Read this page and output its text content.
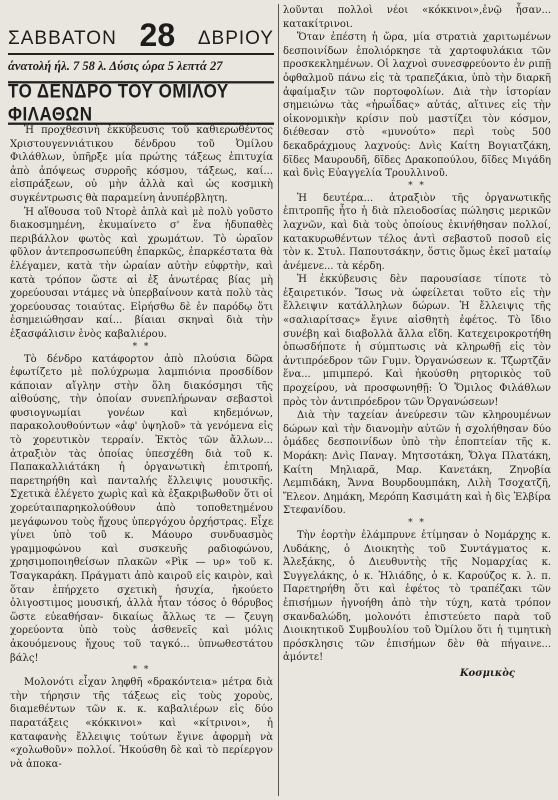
ΣΑΒΒΑΤΟΝ 28 ΔΒΡΙΟΥ
άνατολή ήλ. 7 58 λ. Δύσις ώρα 5 λεπτά 27
ΤΟ ΔΕΝΔΡΟ ΤΟΥ ΟΜΙΛΟΥ ΦΙΛΑΘΩΝ

Ἡ προχθεσινὴ ἐκκύβευσις τοῦ καθιερωθέντος Χριστουγεννιάτικου δένδρου τοῦ Ὀμίλου Φιλάθλων, ὑπῆρξε μία πρώτης τάξεως ἐπιτυχία ἀπὸ ἀπόψεως συρροῆς κόσμου, τάξεως, καί... εἰσπράξεων, οὐ μὴν ἀλλὰ καὶ ὡς κοσμικὴ συγκέντρωσις θὰ παραμείνη ἀνυπέρβλητη.

Ἡ αἴθουσα τοῦ Ντορὲ ἁπλὰ καὶ μὲ πολὺ γοῦστο διακοσμημένη, ἐκυμαίνετο σ' ἕνα ἡδυπαθὲς περιβάλλον φωτὸς καὶ χρωμάτων. Τὸ ὡραῖον φῦλον ἀντεπροσωπεύθη ἐπαρκῶς, ἐπαρκέστατα θὰ ἐλέγαμεν, κατὰ τὴν ὡραίαν αὐτὴν εὐφρτὴν, καὶ κατὰ τρόπον ὥστε αἱ ἐξ ἀνωτέρας βίας μὴ χορεύουσαι ντάμες νὰ ὑπερβαίνουν κατὰ πολὺ τὰς χορεύουσας τοιαύτας. Εἰρήσθω δὲ ἐν παρόδῳ ὅτι ἐσημειώθησαν καί... βίαιαι σκηναὶ διὰ τὴν ἐξασφάλισιν ἑνὸς καβαλιέρου.

* *

Τὸ δένδρο κατάφορτον ἀπὸ πλούσια δῶρα ἐφωτίζετο μὲ πολύχρωμα λαμπιόνια προσδίδον κάποιαν αἴγλην στὴν ὅλη διακόσμησι τῆς αἰθούσης, τὴν ὁποίαν συνεπλήρωναν σεβαστοὶ φυσιογνωμίαι γονέων καὶ κηδεμόνων, παρακολουθούντων «ἀφ' ὑψηλοῦ» τὰ γενόμενα εἰς τὸ χορευτικὸν τερραίν. Ἐκτὸς τῶν ἄλλων... ἀτραξιὸν τὰς ὁποίας ὑπεσχέθη διὰ τοῦ κ. Παπακαλλιάτάκη ἡ ὀργανωτικὴ ἐπιτροπή, παρετηρήθη καὶ πανταλής ἔλλειψις μουσικῆς. Σχετικὰ ἐλέγετο χωρὶς καὶ κὰ ἐξακριβωθοῦν ὅτι οἱ χορεύταιπαρηκολούθουν ἀπὸ τοποθετημένου μεγάφωνου τοὺς ἤχους ὑπεργόχου ὀρχήστρας. Εἶχε γίνει ὑπὸ τοῦ κ. Μάουρο συνδυασμὸς γραμμοφώνου καὶ συσκευῆς ραδιοφώνου, χρησιμοποιηθείσων πλακῶν «Ρὶκ — υρ» τοῦ κ. Τσαγκαράκη. Πράγματι ἀπὸ καιροῦ εἰς καιρὸν, καὶ ὅταν ἐπήρχετο σχετικὴ ἡσυχία, ἠκούετο ὀλιγοστιμος μουσική, ἀλλὰ ἦταν τόσος ὁ θόρυβος ὥστε εὐεαθήσαν- δικαίως ἄλλως τε — ζευγη χορεύοντα ὑπὸ τοὺς ἀσθενεῖς καὶ μόλις ἀκουόμενους ἤχους τοῦ ταγκό... ὑπνωθεστάτου βάλς!

* *

Μολονότι εἶχαν ληφθῆ «δρακόντεια» μέτρα διὰ τὴν τήρησιν τῆς τάξεως εἰς τοὺς χοροὺς, διαμεθέντων τῶν κ. κ. καβαλιέρων εἰς δύο παρατάξεις «κόκκινοι» καὶ «κίτρινοι», ἡ καταφανὴς ἔλλειψις τούτων ἔγινε ἀφορμὴ νὰ «χολωθοῦν» πολλοί. Ἠκούσθη δὲ καὶ τὸ περίεργον νὰ ἀποκα-

λοῦνται πολλοὶ νέοι «κόκκινοι»,ἐνῷ ἦσαν... κατακίτρινοι.

Ὅταν ἐπέστη ἡ ὥρα, μία στρατιὰ χαριτωμένων δεσποινίδων ἐπολιόρκησε τὰ χαρτοφυλάκια τῶν προσκεκλημένων. Οἱ λαχνοὶ συνεσφρεύοντο ἐν ριπῇ ὀφθαλμοῦ πάνω εἰς τὰ τραπεζάκια, ὑπὸ τὴν διαρκῆ ἀφαίμαξιν τῶν πορτοφολίων. Διὰ τὴν ἱστορίαν σημειώνω τὰς «ἡρωΐδας» αὐτάς, αἵτινες εἰς τὴν οἰκονομικὴν κρίσιν ποὺ μαστίζει τὸν κόσμον, διέθεσαν στὸ «μυνούτο» περὶ τοὺς 500 δεκαδράχμους λαχνούς: Δνὶς Καίτη Βογιατζάκη, δῖδες Μαυρουδῆ, δῖδες Δρακοπούλου, δῖδες Μιγάδη καὶ δνὶς Εὐαγγελία Τρουλλινοῦ.

* *

Ἡ δευτέρα... ἀτραξιὸν τῆς ὀργανωτικῆς ἐπιτροπῆς ἦτο ἡ διὰ πλειοδοσίας πώλησις μερικῶν λαχνῶν, καὶ διὰ τοὺς ὁποίους ἐκινήθησαν πολλοί, κατακυρωθέντων τέλος ἀντὶ σεβαστοῦ ποσοῦ εἰς τὸν κ. Στυλ. Παπουτσάκην, ὅστις ὅμως ἐκεῖ ματαίῳ ἀνέμενε... τὰ κέρδη.

Ἡ ἐκκύβευσις δὲν παρουσίασε τίποτε τὸ ἐξαιρετικόν. Ἴσως νὰ ὠφείλεται τοῦτο εἰς τὴν ἔλλειψιν κατάλληλων δώρων. Ἡ ἔλλειψις τῆς «σαλιαρίτσας» ἔγινε αἰσθητὴ ἐφέτος. Τὸ ἴδιο συνέβη καὶ διαβολλὰ ἄλλα εἴδη. Κατεχειροκροτήθη ὁπωσδήποτε ἡ σύμπτωσις νὰ κληρωθῇ εἰς τὸν ἀντιπρόεδρον τῶν Γυμν. Ὀργανώσεων κ. Τζωρτζᾶν ἕνα... μπιμπερό. Καὶ ἠκούσθη ρητορικὸς τοῦ προχείρου, νὰ προσφωνηθῇ: Ὁ Ὅμιλος Φιλάθλων πρὸς τὸν ἀντιπρόεδρον τῶν Ὀργανώσεων!

Διὰ τὴν ταχείαν ἀνεύρεσιν τῶν κληρουμένων δώρων καὶ τὴν διανομὴν αὐτῶν ἡ σχολήθησαν δύο ὁμάδες δεσποινίδων ὑπὸ τὴν ἐποπτείαν τῆς κ. Μοράκη: Δνὶς Παναγ. Μητσοτάκη, Ὄλγα Πλατάκη, Καίτη Μηλιαρᾶ, Μαρ. Κανετάκη, Ζηνοβία Λεμπιδάκη, Ἄννα Βουρδουμπάκη, Λιλὴ Τσοχατζῆ, Ἔλεον. Δημάκη, Μερόπη Κασιμάτη καὶ ἡ δὶς Ἐλβίρα Στεφανίδου.

* *

Τὴν ἐορτὴν ἐλάμπρυνε ἐτίμησαν ὁ Νομάρχης κ. Λυδάκης, ὁ Διοικητὴς τοῦ Συντάγματος κ. Ἀλεξάκης, ὁ Διευθυντὴς τῆς Νομαρχίας κ. Συγγελάκης, ὁ κ. Ἠλιάδης, ὁ κ. Καρούζος κ. λ. π. Παρετηρήθη ὅτι καὶ ἐφέτος τὸ τραπέζακι τῶν ἐπισήμων ἠγνοήθη ἀπὸ τὴν τύχη, κατὰ τρόπον σκανδαλώδη, μολονότι ἐπιστεύετο παρὰ τοῦ Διοικητικοῦ Συμβουλίου τοῦ Ὀμίλου ὅτι ἡ τιμητικὴ πρόσκλησις τῶν ἐπισήμων δὲν θὰ πήγαινε... ἀμόντε!

Κοσμικὸς
